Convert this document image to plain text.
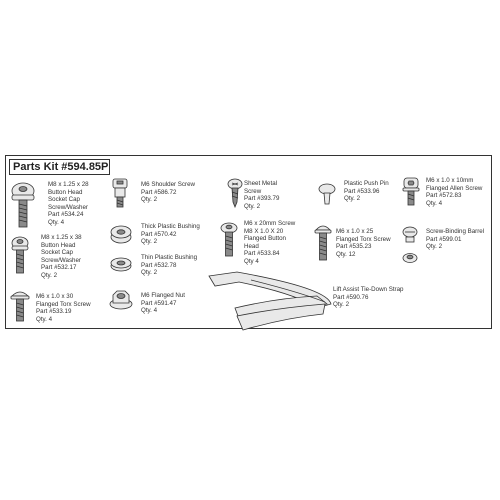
Parts Kit #594.85P
M8 x 1.25 x 28
Button Head
Socket Cap
Screw/Washer
Part #534.24
Qty. 4
M8 x 1.25 x 38
Button Head
Socket Cap
Screw/Washer
Part #532.17
Qty. 2
M6 x 1.0 x 30
Flanged Torx Screw
Part #533.19
Qty. 4
M6 Shoulder Screw
Part #586.72
Qty. 2
Thick Plastic Bushing
Part #570.42
Qty. 2
Thin Plastic Bushing
Part #532.78
Qty. 2
M6 Flanged Nut
Part #591.47
Qty. 4
Sheet Metal
Screw
Part #393.79
Qty. 2
M6 x 20mm Screw
M8 X 1.0 X 20
Flanged Button
Head
Part #533.84
Qty 4
Lift Assist Tie-Down Strap
Part #590.76
Qty. 2
Plastic Push Pin
Part #533.96
Qty. 2
M6 x 1.0 x 25
Flanged Torx Screw
Part #535.23
Qty. 12
M6 x 1.0 x 10mm
Flanged Allen Screw
Part #572.83
Qty. 4
Screw-Binding Barrel
Part #599.01
Qty. 2
